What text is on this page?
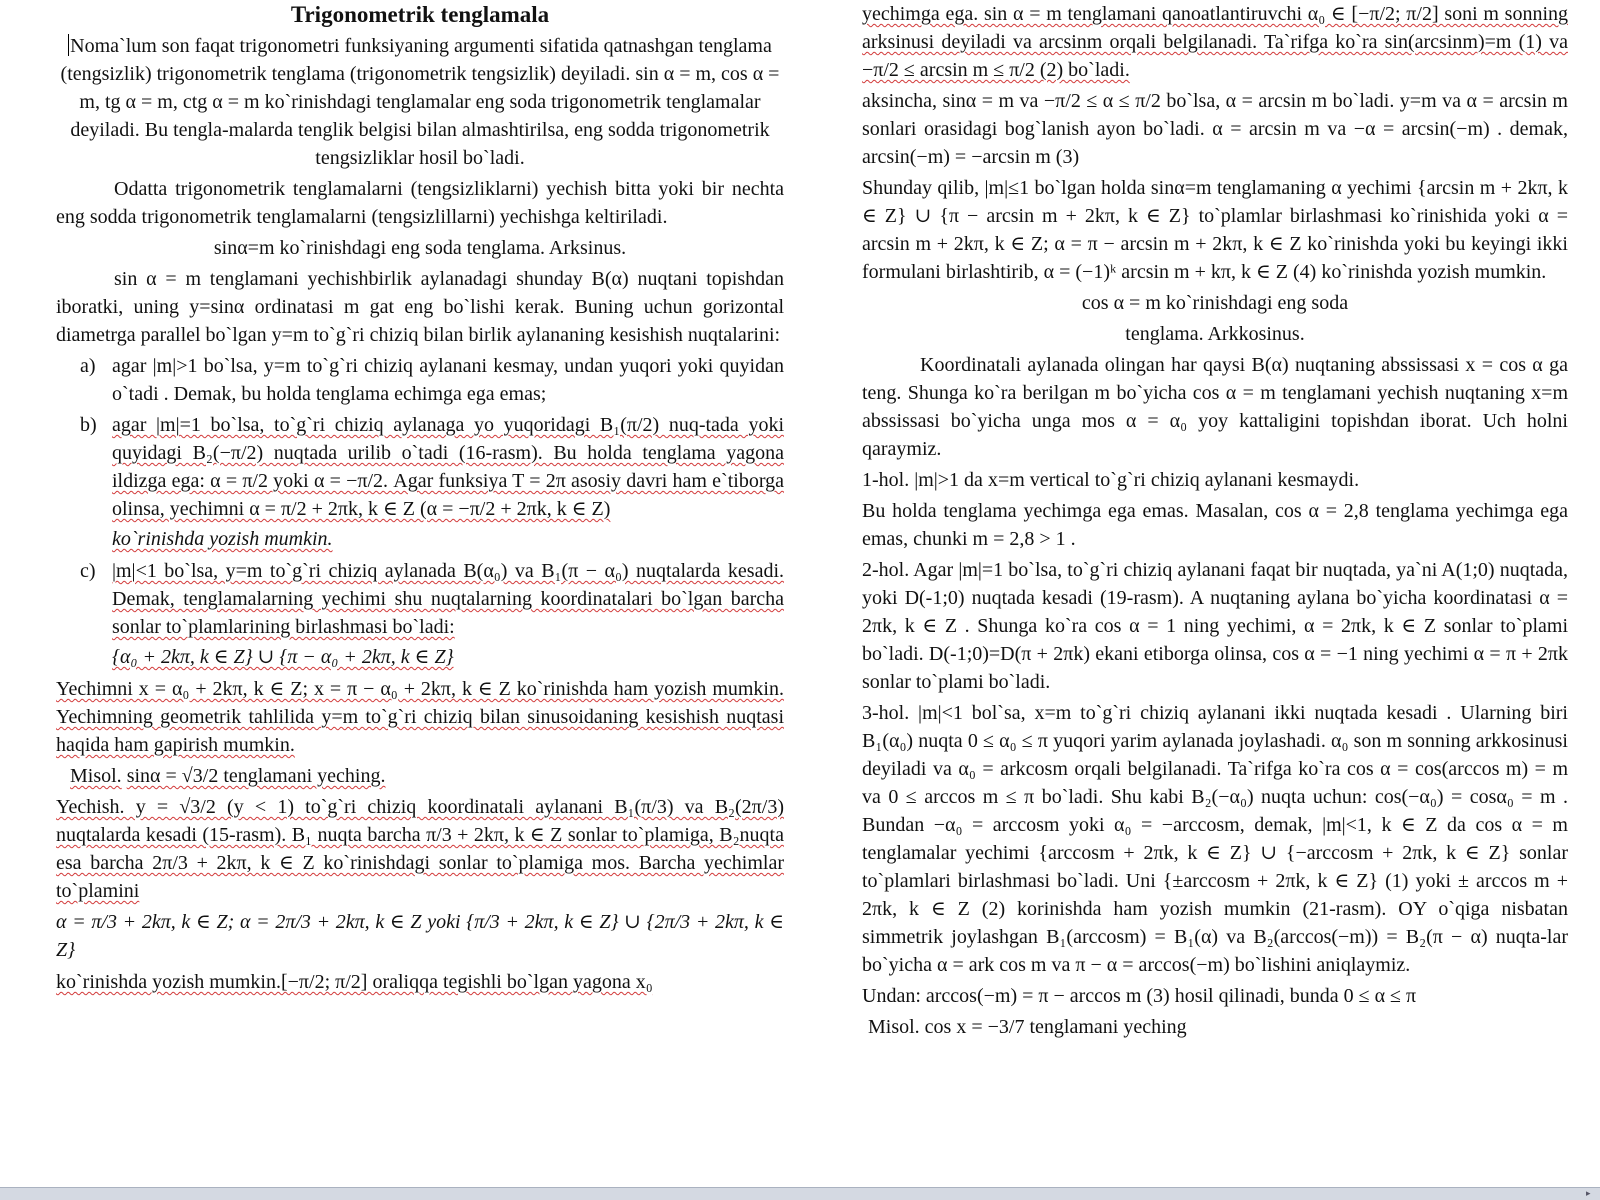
Trigonometrik tenglamala
Noma`lum son faqat trigonometri funksiyaning argumenti sifatida qatnashgan tenglama (tengsizlik) trigonometrik tenglama (trigonometrik tengsizlik) deyiladi. sin α = m, cos α = m, tg α = m, ctg α = m ko`rinishdagi tenglamalar eng soda trigonometrik tenglamalar deyiladi. Bu tengla-malarda tenglik belgisi bilan almashtirilsa, eng sodda trigonometrik tengsizliklar hosil bo`ladi.
Odatta trigonometrik tenglamalarni (tengsizliklarni) yechish bitta yoki bir nechta eng sodda trigonometrik tenglamalarni (tengsizlillarni) yechishga keltiriladi.
sinα=m ko`rinishdagi eng soda tenglama. Arksinus.
sin α = m tenglamani yechishbirlik aylanadagi shunday B(α) nuqtani topishdan iboratki, uning y=sinα ordinatasi m gat eng bo`lishi kerak. Buning uchun gorizontal diametrga parallel bo`lgan y=m to`g`ri chiziq bilan birlik aylananing kesishish nuqtalarini:
a) agar |m|>1 bo`lsa, y=m to`g`ri chiziq aylanani kesmay, undan yuqori yoki quyidan o`tadi . Demak, bu holda tenglama echimga ega emas;
b) agar |m|=1 bo`lsa, to`g`ri chiziq aylanaga yo yuqoridagi B₁(π/2) nuq-tada yoki quyidagi B₂(−π/2) nuqtada urilib o`tadi (16-rasm). Bu holda tenglama yagona ildizga ega: α = π/2 yoki α = −π/2. Agar funksiya T = 2π asosiy davri ham e`tiborga olinsa, yechimni α = π/2 + 2πk, k ∈ Z (α = −π/2 + 2πk, k ∈ Z)
ko`rinishda yozish mumkin.
c) |m|<1 bo`lsa, y=m to`g`ri chiziq aylanada B(α₀) va B₁(π − α₀) nuqtalarda kesadi. Demak, tenglamalarning yechimi shu nuqtalarning koordinatalari bo`lgan barcha sonlar to`plamlarining birlashmasi bo`ladi:
{α₀ + 2kπ, k ∈ Z} ∪ {π − α₀ + 2kπ, k ∈ Z}
Yechimni x = α₀ + 2kπ, k ∈ Z; x = π − α₀ + 2kπ, k ∈ Z ko`rinishda ham yozish mumkin. Yechimning geometrik tahlilida y=m to`g`ri chiziq bilan sinusoidaning kesishish nuqtasi haqida ham gapirish mumkin.
Misol. sinα = √3/2 tenglamani yeching.
Yechish. y = √3/2 (y < 1) to`g`ri chiziq koordinatali aylanani B₁(π/3) va B₂(2π/3) nuqtalarda kesadi (15-rasm). B₁ nuqta barcha π/3 + 2kπ, k ∈ Z sonlar to`plamiga, B₂nuqta esa barcha 2π/3 + 2kπ, k ∈ Z ko`rinishdagi sonlar to`plamiga mos. Barcha yechimlar to`plamini
α = π/3 + 2kπ, k ∈ Z; α = 2π/3 + 2kπ, k ∈ Z yoki {π/3 + 2kπ, k ∈ Z} ∪ {2π/3 + 2kπ, k ∈ Z}
ko`rinishda yozish mumkin.[−π/2; π/2] oraliqqa tegishli bo`lgan yagona x₀
yechimga ega. sin α = m tenglamani qanoatlantiruvchi α₀ ∈ [−π/2; π/2] soni m sonning arksinusi deyiladi va arcsinm orqali belgilanadi. Ta`rifga ko`ra sin(arcsinm)=m (1) va −π/2 ≤ arcsin m ≤ π/2 (2) bo`ladi.
aksincha, sinα = m va −π/2 ≤ α ≤ π/2 bo`lsa, α = arcsin m bo`ladi. y=m va α = arcsin m sonlari orasidagi bog`lanish ayon bo`ladi. α = arcsin m va −α = arcsin(−m) . demak, arcsin(−m) = −arcsin m (3)
Shunday qilib, |m|≤1 bo`lgan holda sinα=m tenglamaning α yechimi {arcsin m + 2kπ, k ∈ Z} ∪ {π − arcsin m + 2kπ, k ∈ Z} to`plamlar birlashmasi ko`rinishida yoki α = arcsin m + 2kπ, k ∈ Z; α = π − arcsin m + 2kπ, k ∈ Z ko`rinishda yoki bu keyingi ikki formulani birlashtirib, α = (−1)ᵏ arcsin m + kπ, k ∈ Z (4) ko`rinishda yozish mumkin.
cos α = m ko`rinishdagi eng soda
tenglama. Arkkosinus.
Koordinatali aylanada olingan har qaysi B(α) nuqtaning abssissasi x = cos α ga teng. Shunga ko`ra berilgan m bo`yicha cos α = m tenglamani yechish nuqtaning x=m abssissasi bo`yicha unga mos α = α₀ yoy kattaligini topishdan iborat. Uch holni qaraymiz.
1-hol. |m|>1 da x=m vertical to`g`ri chiziq aylanani kesmaydi.
Bu holda tenglama yechimga ega emas. Masalan, cos α = 2,8 tenglama yechimga ega emas, chunki m = 2,8 > 1 .
2-hol. Agar |m|=1 bo`lsa, to`g`ri chiziq aylanani faqat bir nuqtada, ya`ni A(1;0) nuqtada, yoki D(-1;0) nuqtada kesadi (19-rasm). A nuqtaning aylana bo`yicha koordinatasi α = 2πk, k ∈ Z . Shunga ko`ra cos α = 1 ning yechimi, α = 2πk, k ∈ Z sonlar to`plami bo`ladi. D(-1;0)=D(π + 2πk) ekani etiborga olinsa, cos α = −1 ning yechimi α = π + 2πk sonlar to`plami bo`ladi.
3-hol. |m|<1 bol`sa, x=m to`g`ri chiziq aylanani ikki nuqtada kesadi . Ularning biri B₁(α₀) nuqta 0 ≤ α₀ ≤ π yuqori yarim aylanada joylashadi. α₀ son m sonning arkkosinusi deyiladi va α₀ = arkcosm orqali belgilanadi. Ta`rifga ko`ra cos α = cos(arccos m) = m va 0 ≤ arccos m ≤ π bo`ladi. Shu kabi B₂(−α₀) nuqta uchun: cos(−α₀) = cosα₀ = m . Bundan −α₀ = arccosm yoki α₀ = −arccosm, demak, |m|<1, k ∈ Z da cos α = m tenglamalar yechimi {arccosm + 2πk, k ∈ Z} ∪ {−arccosm + 2πk, k ∈ Z} sonlar to`plamlari birlashmasi bo`ladi. Uni {±arccosm + 2πk, k ∈ Z} (1) yoki ± arccos m + 2πk, k ∈ Z (2) korinishda ham yozish mumkin (21-rasm). OY o`qiga nisbatan simmetrik joylashgan B₁(arccosm) = B₁(α) va B₂(arccos(−m)) = B₂(π − α) nuqta-lar bo`yicha α = ark cos m va π − α = arccos(−m) bo`lishini aniqlaymiz.
Undan: arccos(−m) = π − arccos m (3) hosil qilinadi, bunda 0 ≤ α ≤ π
Misol. cos x = −3/7 tenglamani yeching
▸
